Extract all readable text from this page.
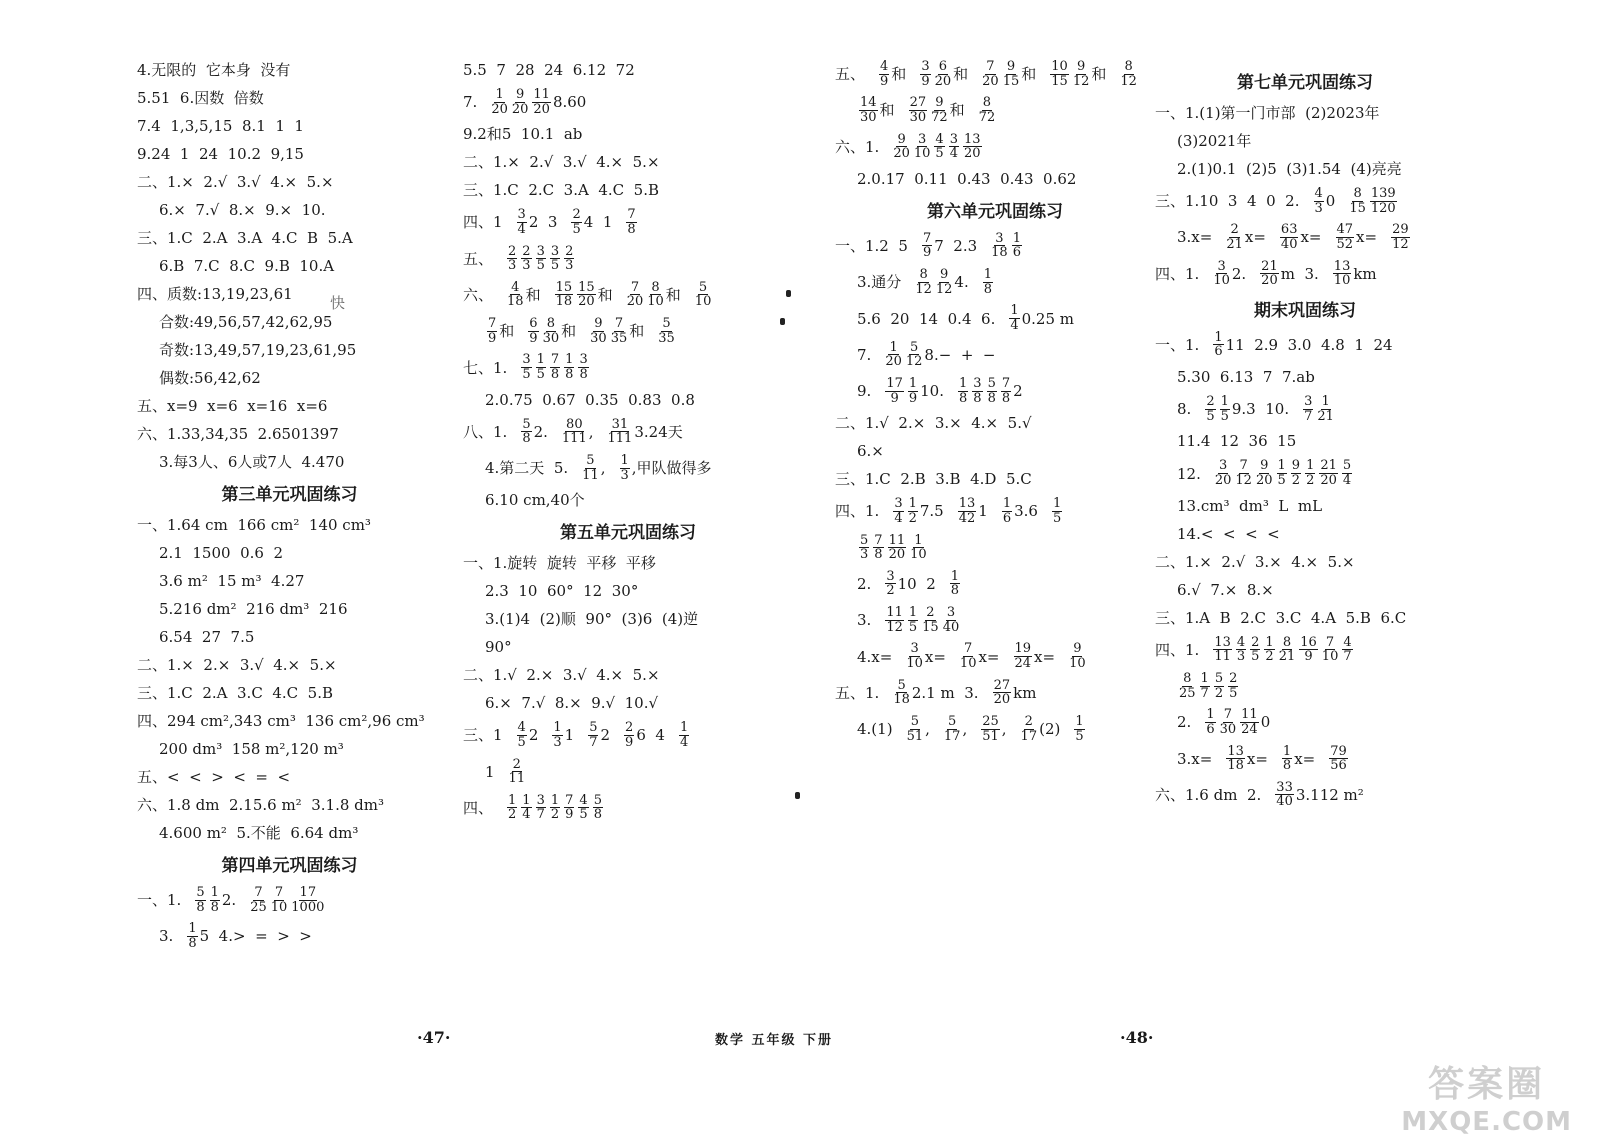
4.无限的  它本身  没有
5.51  6.因数  倍数
7.4  1,3,5,15  8.1  1  1
9.24  1  24  10.2  9,15
二、1.×  2.√  3.√  4.×  5.×
6.×  7.√  8.×  9.×  10.
三、1.C  2.A  3.A  4.C  B  5.A
6.B  7.C  8.C  9.B  10.A
四、质数:13,19,23,61
合数:49,56,57,42,62,95
奇数:13,49,57,19,23,61,95
偶数:56,42,62
五、x=9  x=6  x=16  x=6
六、1.33,34,35  2.6501397
3.每3人、6人或7人  4.470
第三单元巩固练习
一、1.64 cm  166 cm²  140 cm³
2.1  1500  0.6  2
3.6 m²  15 m³  4.27
5.216 dm²  216 dm³  216
6.54  27  7.5
二、1.×  2.×  3.√  4.×  5.×
三、1.C  2.A  3.C  4.C  5.B
四、294 cm²,343 cm³  136 cm²,96 cm³
200 dm³  158 m²,120 m³
五、<  <  >  <  =  <
六、1.8 dm  2.15.6 m²  3.1.8 dm³
4.600 m²  5.不能  6.64 dm³
第四单元巩固练习
一、1. $\frac{5}{8} \frac{1}{8} 2$. $\frac{7}{25} \frac{7}{10} \frac{17}{1000}$
3. $\frac{1}{8} 5$  4.>  =  >  >
5.5  7  28  24  6.12  72
7. $\frac{1}{20} \frac{9}{20} \frac{11}{20} 8.60$
9.2和5  10.1  ab
二、1.×  2.√  3.√  4.×  5.×
三、1.C  2.C  3.A  4.C  5.B
四、$1 \frac{3}{4} 2$  $3 \frac{2}{5} 4$  $1 \frac{7}{8}$
五、 $\frac{2}{3} \frac{2}{3} \frac{3}{5} \frac{3}{5} \frac{2}{3}$
六、 $\frac{4}{18}$ 和 $\frac{15}{18} \frac{15}{20}$ 和 $\frac{7}{20} \frac{8}{10}$ 和 $\frac{5}{10}$
$\frac{7}{9}$ 和 $\frac{6}{9} \frac{8}{30}$ 和 $\frac{9}{30} \frac{7}{35}$ 和 $\frac{5}{35}$
七、1. $\frac{3}{5} \frac{1}{5} \frac{7}{8} \frac{1}{8} \frac{3}{8}$
2.0.75  0.67  0.35  0.83  0.8
八、1. $\frac{5}{8} 2$. $\frac{80}{111}$ , $\frac{31}{111} 3.24$天
4.第二天  5. $\frac{5}{11}$ , $\frac{1}{3}$ ,甲队做得多
6.10 cm,40个
第五单元巩固练习
一、1.旋转  旋转  平移  平移
2.3  10  60°  12  30°
3.(1)4  (2)顺  90°  (3)6  (4)逆
90°
二、1.√  2.×  3.√  4.×  5.×
6.×  7.√  8.×  9.√  10.√
三、$1 \frac{4}{5} 2 \frac{1}{3} 1 \frac{5}{7} 2 \frac{2}{9} 6$  $4 \frac{1}{4}$
$1 \frac{2}{11}$
四、 $\frac{1}{2} \frac{1}{4} \frac{3}{7} \frac{1}{2} \frac{7}{9} \frac{4}{5} \frac{5}{8}$
五、 $\frac{4}{9}$ 和 $\frac{3}{9} \frac{6}{20}$ 和 $\frac{7}{20} \frac{9}{15}$ 和 $\frac{10}{15} \frac{9}{12}$ 和 $\frac{8}{12}$
$\frac{14}{30}$ 和 $\frac{27}{30} \frac{9}{72}$ 和 $\frac{8}{72}$
六、1. $\frac{9}{20} \frac{3}{10} \frac{4}{5} \frac{3}{4} \frac{13}{20}$
2.0.17  0.11  0.43  0.43  0.62
第六单元巩固练习
一、1.2  $5 \frac{7}{9} 7$  $2.3 \frac{3}{18} \frac{1}{6}$
3.通分 $\frac{8}{12} \frac{9}{12} 4$. $\frac{1}{8}$
5.6  20  14  0.4  6. $\frac{1}{4} 0.25$ m
7. $\frac{1}{20} \frac{5}{12} 8.-$  +  −
9. $\frac{17}{9} \frac{1}{9} 10$. $\frac{1}{8} \frac{3}{8} \frac{5}{8} \frac{7}{8} 2$
二、1.√  2.×  3.×  4.×  5.√
6.×
三、1.C  2.B  3.B  4.D  5.C
四、1. $\frac{3}{4} \frac{1}{2} 7.5 \frac{13}{42} 1 \frac{1}{6} 3.6 \frac{1}{5}$
$\frac{5}{3} \frac{7}{8} \frac{11}{20} \frac{1}{10}$
2. $\frac{3}{2} 10$  $2 \frac{1}{8}$
3. $\frac{11}{12} \frac{1}{5} \frac{2}{15} \frac{3}{40}$
$4.x= \frac{3}{10} x= \frac{7}{10} x= \frac{19}{24} x= \frac{9}{10}$
五、1. $\frac{5}{18} 2.1$ m  3. $\frac{27}{20}$ km
$4.(1) \frac{5}{51}$ , $\frac{5}{17}$ , $\frac{25}{51}$ , $\frac{2}{17} (2) \frac{1}{5}$
第七单元巩固练习
一、1.(1)第一门市部  (2)2023年
(3)2021年
2.(1)0.1  (2)5  (3)1.54  (4)亮亮
三、1.10  3  4  0  2. $\frac{4}{3} 0 \frac{8}{15} \frac{139}{120}$
$3.x= \frac{2}{21} x= \frac{63}{40} x= \frac{47}{52} x= \frac{29}{12}$
四、1. $\frac{3}{10} 2$. $\frac{21}{20}$ m  3. $\frac{13}{10}$ km
期末巩固练习
一、1. $\frac{1}{6} 11$  2.9  3.0  4.8  1  24
5.30  6.13  7  7.ab
8. $\frac{2}{5} \frac{1}{5} 9.3$  10. $\frac{3}{7} \frac{1}{21}$
11.4  12  36  15
12. $\frac{3}{20} \frac{7}{12} \frac{9}{20} \frac{1}{5} \frac{9}{2} \frac{1}{2} \frac{21}{20} \frac{5}{4}$
13.cm³  dm³  L  mL
14.<  <  <  <
二、1.×  2.√  3.×  4.×  5.×
6.√  7.×  8.×
三、1.A  B  2.C  3.C  4.A  5.B  6.C
四、1. $\frac{13}{11} \frac{4}{3} \frac{2}{5} \frac{1}{2} \frac{8}{21} \frac{16}{9} \frac{7}{10} \frac{4}{7}$
$\frac{8}{25} \frac{1}{7} \frac{5}{2} \frac{2}{5}$
2. $\frac{1}{6} \frac{7}{30} \frac{11}{24} 0$
$3.x= \frac{13}{18} x= \frac{1}{8} x= \frac{79}{56}$
六、1.6 dm  2. $\frac{33}{40} 3.112$ m²
快
·47·	数学 五年级 下册	·48·
答案圈
MXQE.COM
